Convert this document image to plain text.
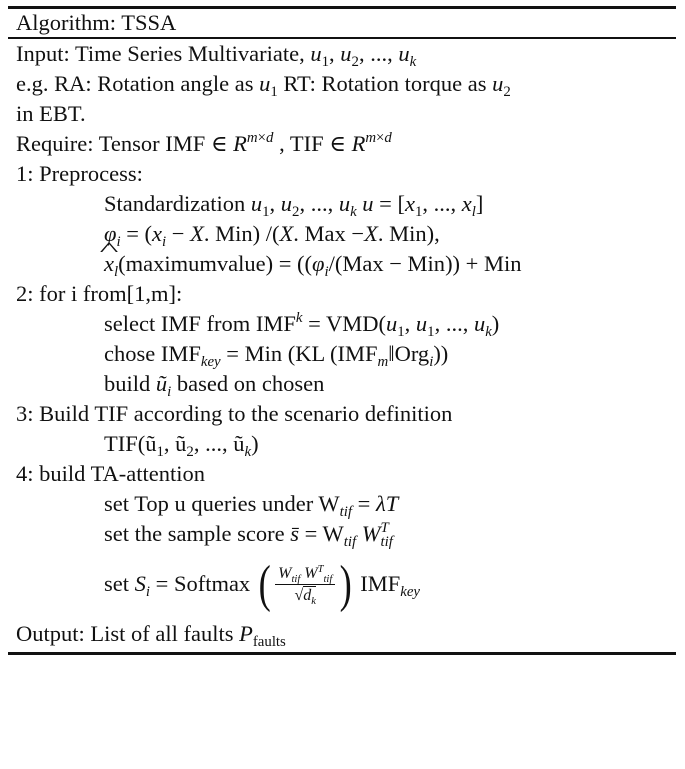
Algorithm: TSSA
Input: Time Series Multivariate, $u_1$, $u_2$, ..., $u_k$
e.g. RA: Rotation angle as $u_1$ RT: Rotation torque as $u_2$
in EBT.
Require: Tensor IMF ∈ $R^{m\times d}$ , TIF ∈ $R^{m\times d}$
1: Preprocess:
Standardization $u_1$, $u_2$, ..., $u_k$ $u = [x_1$, ..., $x_l$]
$\varphi_i = (x_i - X$. Min) /(X. Max −X. Min),
^ $x_l(maximumvalue) = ((\varphi_i/(Max - Min))$ + Min
2: for i from[1,m]:
select IMF from $IMF^k = VMD(u_1$, $u_1$, ..., $u_k$)
chose $IMF_{key}$ = Min (KL $(IMF_m‖Org_i)$)
build $ũ_i$ based on chosen
3: Build TIF according to the scenario definition
$TIF(ũ_1$, $ũ_2$, ..., $ũ_k$)
4: build TA-attention
set Top u queries under $W_{tif} = \lambda T$
set the sample score s̄ = $W_{tif}$ W T
tif
set $S_i$ = Softmax ( $\frac{W_{tif} W^T_{tif}}{√d_k}$ ) $IMF_{key}$
Output: List of all faults $P_{faults}$
